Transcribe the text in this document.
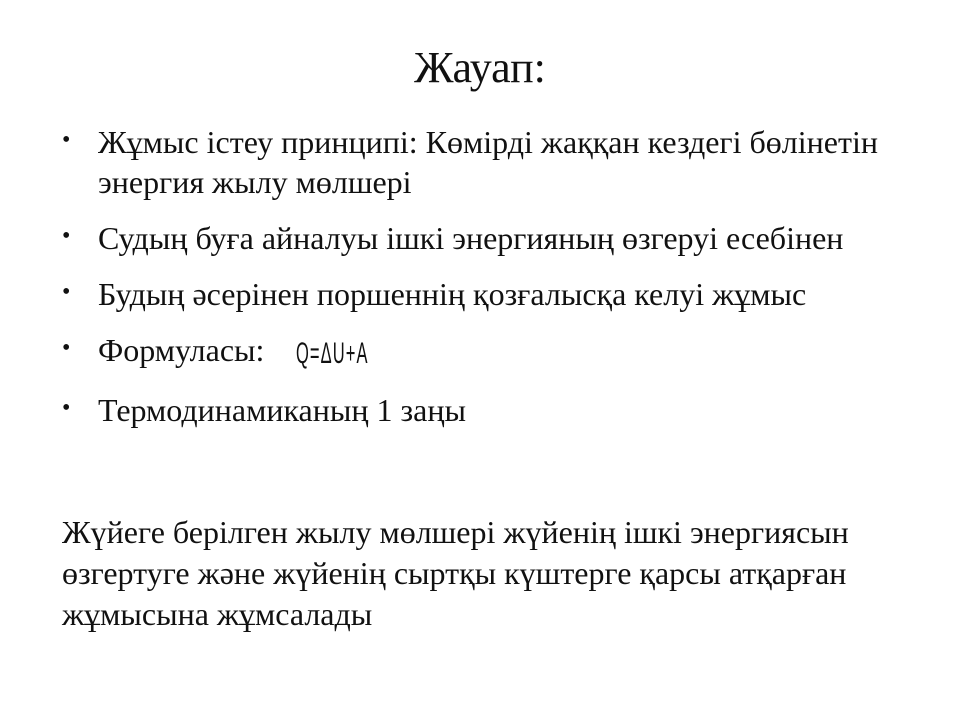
Жауап:
• Жұмыс істеу принципі: Көмірді жаққан кездегі бөлінетін энергия жылу мөлшері
• Судың буға айналуы ішкі энергияның өзгеруі есебінен
• Будың әсерінен поршеннің қозғалысқа келуі жұмыс
• Формуласы: Q=ΔU+A
• Термодинамиканың 1 заңы

Жүйеге берілген жылу мөлшері жүйенің ішкі энергиясын өзгертуге және жүйенің сыртқы күштерге қарсы атқарған жұмысына жұмсалады
